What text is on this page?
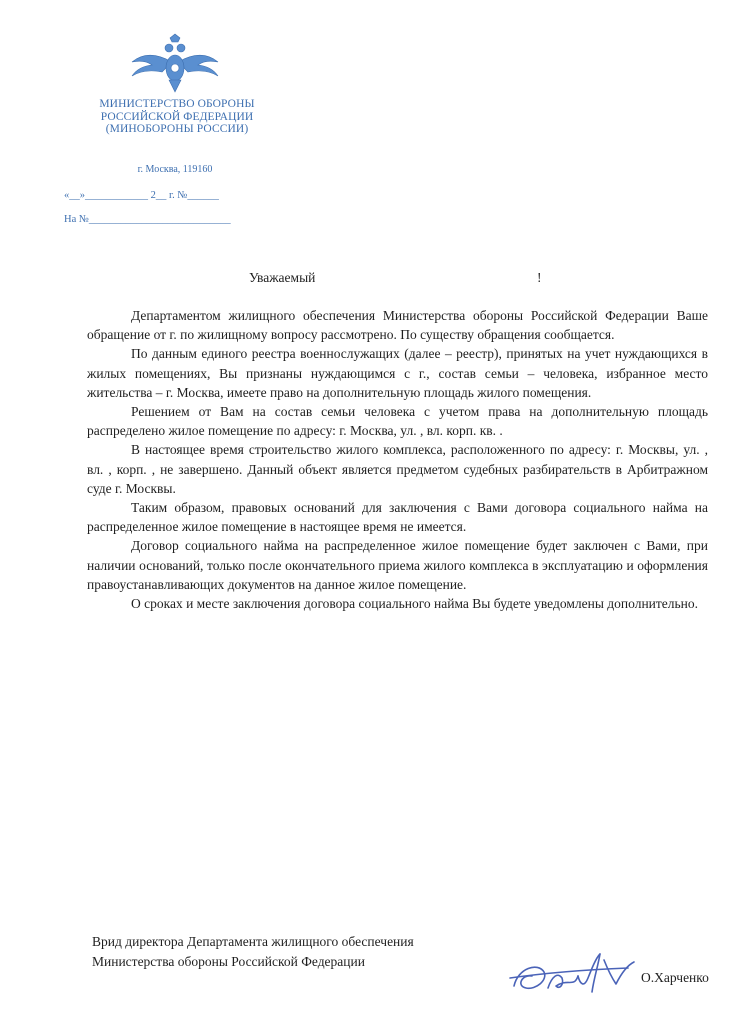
МИНИСТЕРСТВО ОБОРОНЫ
РОССИЙСКОЙ ФЕДЕРАЦИИ
(МИНОБОРОНЫ РОССИИ)
г. Москва, 119160
«__»____________ 2__ г. №______
На №___________________________
Уважаемый	!

Департаментом жилищного обеспечения Министерства обороны Российской Федерации Ваше обращение от г. по жилищному вопросу рассмотрено. По существу обращения сообщается.

По данным единого реестра военнослужащих (далее – реестр), принятых на учет нуждающихся в жилых помещениях, Вы признаны нуждающимся с г., состав семьи – человека, избранное место жительства – г. Москва, имеете право на дополнительную площадь жилого помещения.

Решением от Вам на состав семьи человека с учетом права на дополнительную площадь распределено жилое помещение по адресу: г. Москва, ул. , вл. корп. кв. .

В настоящее время строительство жилого комплекса, расположенного по адресу: г. Москвы, ул. , вл. , корп. , не завершено. Данный объект является предметом судебных разбирательств в Арбитражном суде г. Москвы.

Таким образом, правовых оснований для заключения с Вами договора социального найма на распределенное жилое помещение в настоящее время не имеется.

Договор социального найма на распределенное жилое помещение будет заключен с Вами, при наличии оснований, только после окончательного приема жилого комплекса в эксплуатацию и оформления правоустанавливающих документов на данное жилое помещение.

О сроках и месте заключения договора социального найма Вы будете уведомлены дополнительно.

Врид директора Департамента жилищного обеспечения
Министерства обороны Российской Федерации
О.Харченко
